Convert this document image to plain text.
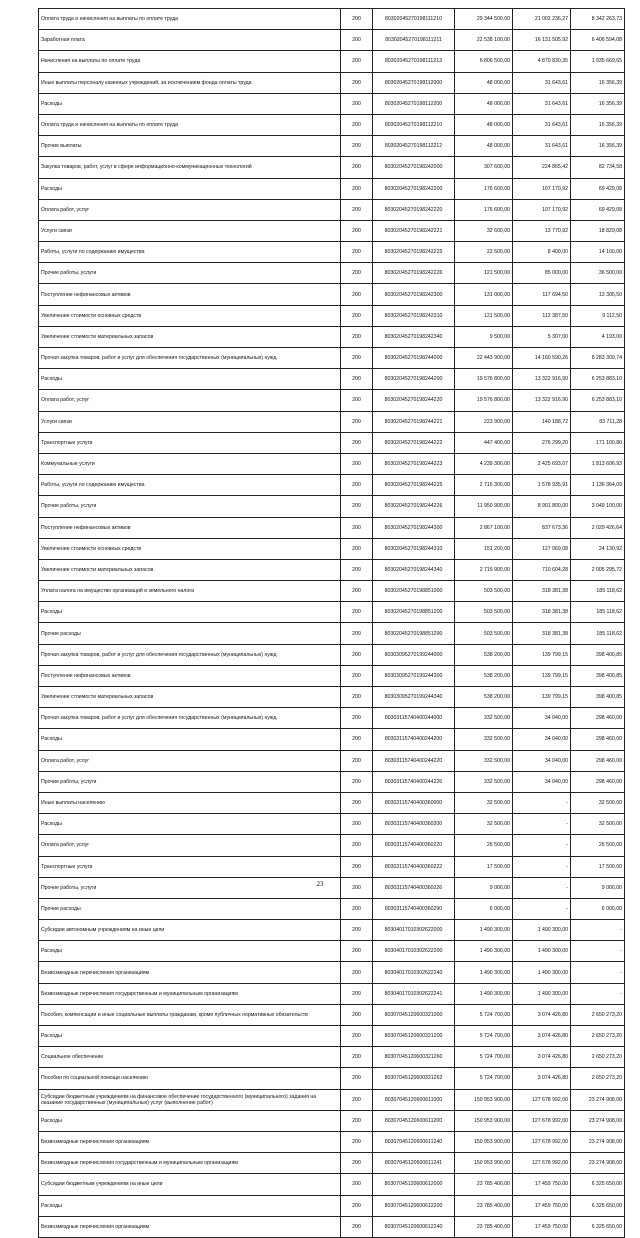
Оплата труда и начисления на выплаты по оплате труда	200	80302045270198111210	29 344 500,00	21 002 236,27	8 342 263,73
Заработная плата	200	80302045270198111211	22 538 100,00	16 131 505,92	6 406 594,08
Начисления на выплаты по оплате труда	200	80302045270198111213	6 806 500,00	4 870 830,35	1 935 669,65
Иные выплаты персоналу казенных учреждений, за исключением фонда оплаты труда	200	80302045270198112000	48 000,00	31 643,61	16 356,39
Расходы	200	80302045270198112200	48 000,00	31 643,61	16 356,39
Оплата труда и начисления на выплаты по оплате труда	200	80302045270198112210	48 000,00	31 643,61	16 356,39
Прочие выплаты	200	80302045270198112212	48 000,00	31 643,61	16 356,39
Закупка товаров, работ, услуг в сфере информационно-коммуникационных технологий	200	80302045270198242000	307 600,00	224 865,42	82 734,58
Расходы	200	80302045270198242200	176 600,00	107 170,92	69 429,08
Оплата работ, услуг	200	80302045270198242220	176 600,00	107 170,92	69 429,08
Услуги связи	200	80302045270198242221	32 600,00	13 770,92	18 829,08
Работы, услуги по содержанию имущества	200	80302045270198242225	22 500,00	8 400,00	14 100,00
Прочие работы, услуги	200	80302045270198242226	121 500,00	85 000,00	36 500,00
Поступление нефинансовых активов	200	80302045270198242300	131 000,00	117 694,50	13 305,50
Увеличение стоимости основных средств	200	80302045270198242310	121 500,00	112 387,50	9 112,50
Увеличение стоимости материальных запасов	200	80302045270198242340	9 500,00	5 307,00	4 193,00
Прочая закупка товаров, работ и услуг для обеспечения государственных (муниципальных) нужд	200	80302045270198244000	22 443 900,00	14 160 590,26	8 283 309,74
Расходы	200	80302045270198244200	19 576 800,00	13 322 916,90	6 253 883,10
Оплата работ, услуг	200	80302045270198244220	19 576 800,00	13 322 916,90	6 253 883,10
Услуги связи	200	80302045270198244221	223 900,00	140 188,72	83 711,28
Транспортные услуги	200	80302045270198244222	447 400,00	276 299,20	171 100,80
Коммунальные услуги	200	80302045270198244223	4 239 300,00	2 425 693,07	1 813 606,93
Работы, услуги по содержанию имущества	200	80302045270198244225	2 716 300,00	1 578 935,91	1 136 364,09
Прочие работы, услуги	200	80302045270198244226	11 950 900,00	8 901 800,00	3 049 100,00
Поступление нефинансовых активов	200	80302045270198244300	2 867 100,00	837 673,36	2 029 426,64
Увеличение стоимости основных средств	200	80302045270198244310	151 200,00	127 069,08	24 130,92
Увеличение стоимости материальных запасов	200	80302045270198244340	2 715 900,00	710 604,28	2 005 295,72
Уплата налога на имущество организаций и земельного налога	200	80302045270198851000	503 500,00	318 381,38	185 118,62
Расходы	200	80302045270198851200	503 500,00	318 381,38	185 118,62
Прочие расходы	200	80302045270198851290	503 500,00	318 381,38	185 118,62
Прочая закупка товаров, работ и услуг для обеспечения государственных (муниципальных) нужд	200	80303095270199244000	538 200,00	139 799,15	398 400,85
Поступление нефинансовых активов	200	80303095270199244300	538 200,00	139 799,15	398 400,85
Увеличение стоимости материальных запасов	200	80303095270199244340	538 200,00	139 799,15	398 400,85
Прочая закупка товаров, работ и услуг для обеспечения государственных (муниципальных) нужд	200	80303115740400244000	332 500,00	34 040,00	298 460,00
Расходы	200	80303115740400244200	332 500,00	34 040,00	298 460,00
Оплата работ, услуг	200	80303115740400244220	332 500,00	34 040,00	298 460,00
Прочие работы, услуги	200	80303115740400244226	332 500,00	34 040,00	298 460,00
Иные выплаты населению	200	80303115740400360000	32 500,00	-	32 500,00
Расходы	200	80303115740400360200	32 500,00	-	32 500,00
Оплата работ, услуг	200	80303115740400360220	26 500,00	-	26 500,00
Транспортные услуги	200	80303115740400360222	17 500,00	-	17 500,00
Прочие работы, услуги	200	80303115740400360226	9 000,00	-	9 000,00
Прочие расходы	200	80303115740400360290	6 000,00	-	6 000,00
Субсидии автономным учреждениям на иные цели	200	80304017010302622000	1 490 300,00	1 490 300,00	-
Расходы	200	80304017010302622200	1 490 300,00	1 490 300,00	-
Безвозмездные перечисления организациям	200	80304017010302622240	1 490 300,00	1 490 300,00	-
Безвозмездные перечисления государственным и муниципальным организациям	200	80304017010302622241	1 490 300,00	1 490 300,00	-
Пособия, компенсации и иные социальные выплаты гражданам, кроме публичных нормативных обязательств	200	80307045120600321000	5 724 700,00	3 074 426,80	2 650 273,20
Расходы	200	80307045120600321200	5 724 700,00	3 074 426,80	2 650 273,20
Социальное обеспечение	200	80307045120600321260	5 724 700,00	3 074 426,80	2 650 273,20
Пособия по социальной помощи населению	200	80307045120600321262	5 724 700,00	3 074 426,80	2 650 273,20
Субсидии бюджетным учреждениям на финансовое обеспечение государственного (муниципального) задания на оказание государственных (муниципальных) услуг (выполнение работ)	200	80307045120600611000	150 953 900,00	127 678 992,00	23 274 908,00
Расходы	200	80307045120600611200	150 953 900,00	127 678 992,00	23 274 908,00
Безвозмездные перечисления организациям	200	80307045120600611240	150 953 900,00	127 678 992,00	23 274 908,00
Безвозмездные перечисления государственным и муниципальным организациям	200	80307045120600611241	150 953 900,00	127 678 992,00	23 274 908,00
Субсидии бюджетным учреждениям на иные цели	200	80307045120600612000	23 785 400,00	17 459 750,00	6 325 650,00
Расходы	200	80307045120600612200	23 785 400,00	17 459 750,00	6 325 650,00
Безвозмездные перечисления организациям	200	80307045120600612240	23 785 400,00	17 459 750,00	6 325 650,00
23
